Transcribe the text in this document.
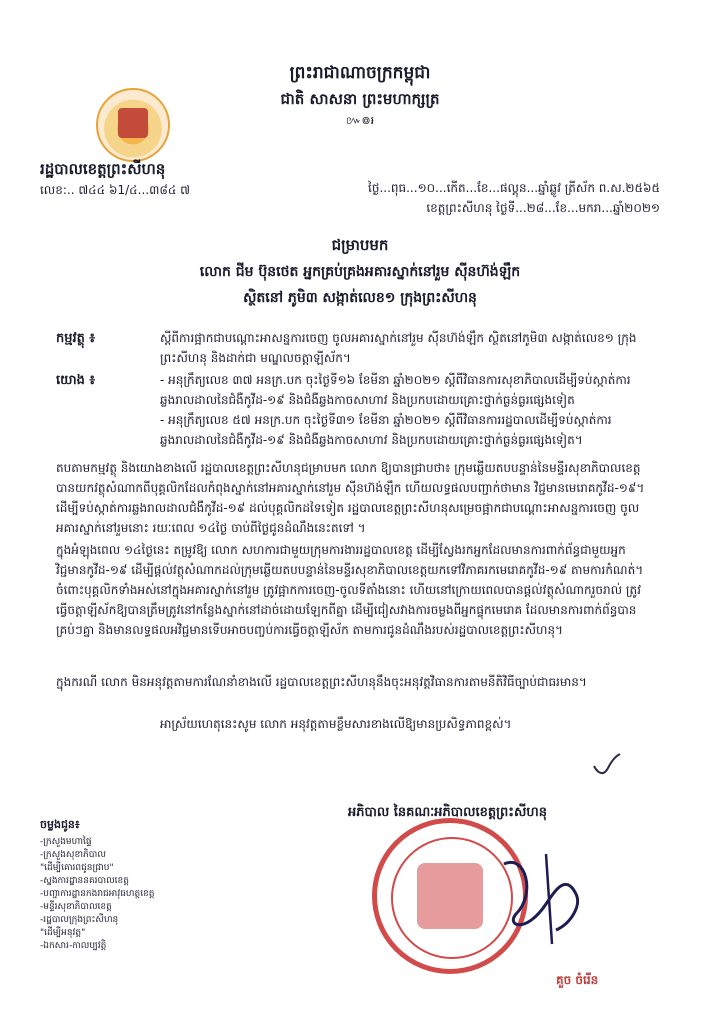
ព្រះរាជាណាចក្រកម្ពុជា
ជាតិ សាសនា ព្រះមហាក្សត្រ
៚៙៛
រដ្ឋបាលខេត្តព្រះសីហនុ
លេខ:.. ៧៤៤ ៦1/៤...៣៨៤ ៧	ថ្ងៃ...ពុធ...១០...កើត...ខែ...ផល្គុន...ឆ្នាំឆ្លូវ ត្រីស័ក ព.ស.២៥៦៥
ខេត្តព្រះសីហនុ ថ្ងៃទី...២៨...ខែ...មករា...ឆ្នាំ២០២១
ជម្រាបមក
លោក ជីម ប៊ុនថេត អ្នកគ្រប់គ្រងអគារស្នាក់នៅរួម ស៊ីនហ៊ង់ឡឹក
ស្ថិតនៅ ភូមិ៣ សង្កាត់លេខ១ ក្រុងព្រះសីហនុ
កម្មវត្ថុ ៖	ស្តីពីការផ្អាកជាបណ្តោះអាសន្នការចេញ ចូលអគារស្នាក់នៅរួម ស៊ីនហ៊ង់ឡឹក ស្ថិតនៅភូមិ៣ សង្កាត់លេខ១ ក្រុងព្រះសីហនុ និងដាក់ជា មណ្ឌលចត្តាឡីស័ក។
យោង ៖	- អនុក្រឹត្យលេខ ៣៧ អនក្រ.បក ចុះថ្ងៃទី១៦ ខែមីនា ឆ្នាំ២០២១ ស្តីពីវិធានការសុខាភិបាលដើម្បីទប់ស្កាត់ការឆ្លងរាលដាលនៃជំងឺកូវីដ-១៩ និងជំងឺឆ្លងកាចសាហាវ និងប្រកបដោយគ្រោះថ្នាក់ធ្ងន់ធ្ងរផ្សេងទៀត
- អនុក្រឹត្យលេខ ៥៧ អនក្រ.បក ចុះថ្ងៃទី៣១ ខែមីនា ឆ្នាំ២០២១ ស្តីពីវិធានការរដ្ឋបាលដើម្បីទប់ស្កាត់ការឆ្លងរាលដាលនៃជំងឺកូវីដ-១៩ និងជំងឺឆ្លងកាចសាហាវ និងប្រកបដោយគ្រោះថ្នាក់ធ្ងន់ធ្ងរផ្សេងទៀត។
តបតាមកម្មវត្ថុ និងយោងខាងលើ រដ្ឋបាលខេត្តព្រះសីហនុជម្រាបមក លោក ឱ្យបានជ្រាបថា៖ ក្រុមឆ្លើយតបបន្ទាន់នៃមន្ទីរសុខាភិបាលខេត្តបានយកវត្ថុសំណាកពីបុគ្គលិកដែលកំពុងស្នាក់នៅអគារស្នាក់នៅរួម ស៊ីនហ៊ង់ឡឹក ហើយលទ្ធផលបញ្ជាក់ថាមាន វិជ្ជមានមេរោគកូវីដ-១៩។ ដើម្បីទប់ស្កាត់ការឆ្លងរាលដាលជំងឺកូវីដ-១៩ ដល់បុគ្គលិកដទៃទៀត រដ្ឋបាលខេត្តព្រះសីហនុសម្រេចផ្អាកជាបណ្តោះអាសន្នការចេញ ចូលអគារស្នាក់នៅរួមនោះ រយៈពេល ១៤ថ្ងៃ ចាប់ពីថ្ងៃជូនដំណឹងនេះតទៅ ។
ក្នុងអំឡុងពេល ១៤ថ្ងៃនេះ តម្រូវឱ្យ លោក សហការជាមួយក្រុមការងាររដ្ឋបាលខេត្ត ដើម្បីស្វែងរកអ្នកដែលមានការពាក់ព័ន្ធជាមួយអ្នកវិជ្ជមានកូវីដ-១៩ ដើម្បីផ្តល់វត្ថុសំណាកដល់ក្រុមឆ្លើយតបបន្ទាន់នៃមន្ទីរសុខាភិបាលខេត្តយកទៅវិភាគរកមេរោគកូវីដ-១៩ តាមការកំណត់។ ចំពោះបុគ្គលិកទាំងអស់នៅក្នុងអគារស្នាក់នៅរួម ត្រូវផ្អាកការចេញ-ចូលទីតាំងនោះ ហើយនៅក្រោយពេលបានផ្តល់វត្ថុសំណាករួចរាល់ ត្រូវធ្វើចត្តាឡីស័កឱ្យបានត្រឹមត្រូវនៅកន្លែងស្នាក់នៅដាច់ដោយឡែកពីគ្នា ដើម្បីជៀសវាងការចម្លងពីអ្នកផ្ទុកមេរោគ ដែលមានការពាក់ព័ន្ធបានគ្រប់ៗគ្នា និងមានលទ្ធផលអវិជ្ជមានទើបអាចបញ្ចប់ការធ្វើចត្តាឡីស័ក តាមការជូនដំណឹងរបស់រដ្ឋបាលខេត្តព្រះសីហនុ។
ក្នុងករណី លោក មិនអនុវត្តតាមការណែនាំខាងលើ រដ្ឋបាលខេត្តព្រះសីហនុនឹងចុះអនុវត្តវិធានការតាមនីតិវិធីច្បាប់ជាធរមាន។
អាស្រ័យហេតុនេះសូម លោក អនុវត្តតាមខ្លឹមសារខាងលើឱ្យមានប្រសិទ្ធភាពខ្ពស់។
អភិបាល នៃគណៈអភិបាលខេត្តព្រះសីហនុ
គួច ចំរើន
ចម្លងជូន៖
-ក្រសួងមហាផ្ទៃ
-ក្រសួងសុខាភិបាល
"ដើម្បីគោរពជូនជ្រាប"
-ស្នងការដ្ឋាននគរបាលខេត្ត
-បញ្ជាការដ្ឋានកងរាជអាវុធហត្ថខេត្ត
-មន្ទីរសុខាភិបាលខេត្ត
-រដ្ឋបាលក្រុងព្រះសីហនុ
"ដើម្បីអនុវត្ត"
-ឯកសារ-កាលប្បវត្តិ
